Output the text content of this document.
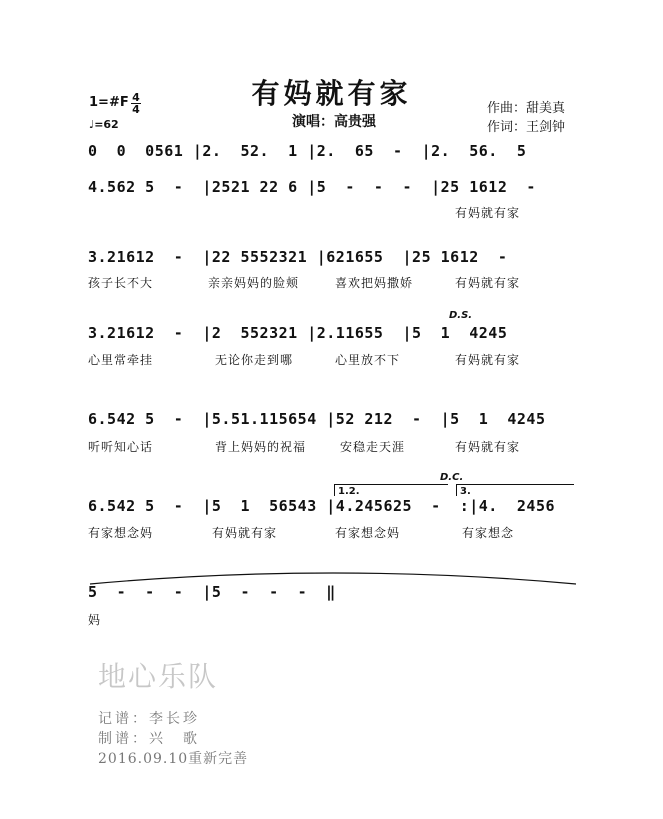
有妈就有家
演唱：高贵强
作曲：甜美真
作词：王剑钟
1=#F 4
4
♩=62
0  0  0561 |2.  52.  1 |2.  65  -  |2.  56.  5
4.562 5  -  |2521 22 6 |5  -  -  -  |25 1612  -
有妈就有家
3.21612  -  |22 5552321 |621655  |25 1612  -
孩子长不大	亲亲妈妈的脸颊	喜欢把妈撒娇	有妈就有家
D.S.
3.21612  -  |2  552321 |2.11655  |5  1  4245
心里常牵挂	无论你走到哪	心里放不下	有妈就有家
6.542 5  -  |5.51.115654 |52 212  -  |5  1  4245
听听知心话	背上妈妈的祝福	安稳走天涯	有妈就有家
D.C.
1.2.	3.
6.542 5  -  |5  1  56543 |4.245625  -  :|4.  2456
有家想念妈	有妈就有家	有家想念妈	有家想念
5  -  -  -  |5  -  -  -  ‖
妈
地心乐队
记谱：李长珍
制谱：兴　歌
2016.09.10重新完善
